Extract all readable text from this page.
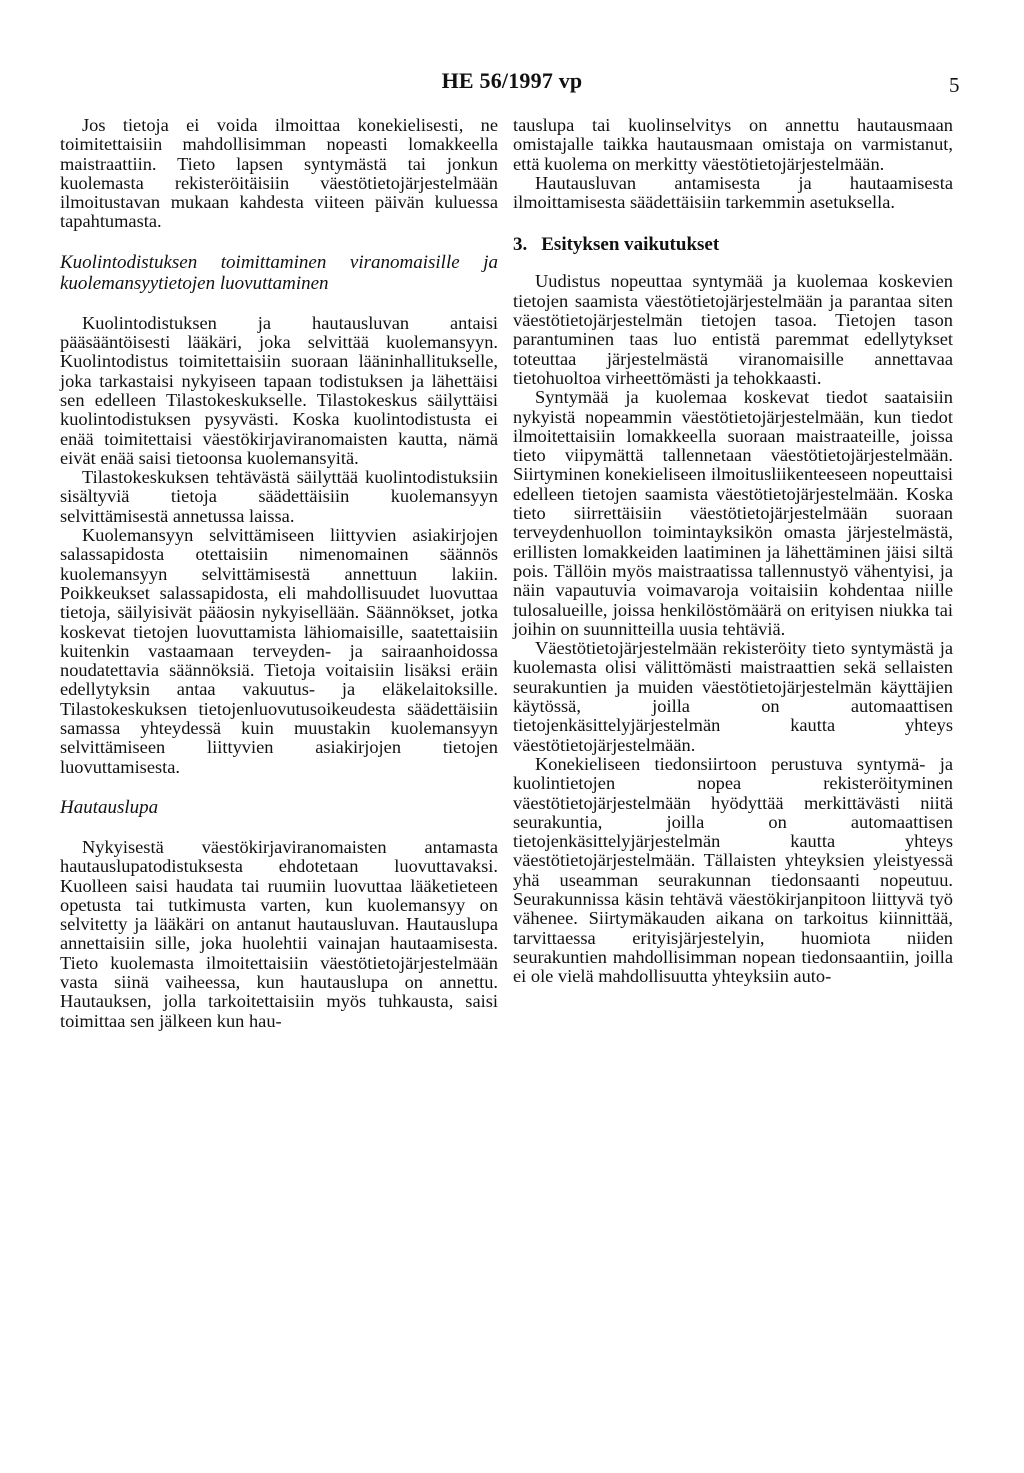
HE 56/1997 vp	5

Jos tietoja ei voida ilmoittaa konekielisesti, ne toimitettaisiin mahdollisimman nopeasti lomakkeella maistraattiin. Tieto lapsen syntymästä tai jonkun kuolemasta rekisteröitäisiin väestötietojärjestelmään ilmoitustavan mukaan kahdesta viiteen päivän kuluessa tapahtumasta.

Kuolintodistuksen toimittaminen viranomaisille ja kuolemansyytietojen luovuttaminen

Kuolintodistuksen ja hautausluvan antaisi pääsääntöisesti lääkäri, joka selvittää kuolemansyyn. Kuolintodistus toimitettaisiin suoraan lääninhallitukselle, joka tarkastaisi nykyiseen tapaan todistuksen ja lähettäisi sen edelleen Tilastokeskukselle. Tilastokeskus säilyttäisi kuolintodistuksen pysyvästi. Koska kuolintodistusta ei enää toimitettaisi väestökirjaviranomaisten kautta, nämä eivät enää saisi tietoonsa kuolemansyitä.

Tilastokeskuksen tehtävästä säilyttää kuolintodistuksiin sisältyviä tietoja säädettäisiin kuolemansyyn selvittämisestä annetussa laissa.

Kuolemansyyn selvittämiseen liittyvien asiakirjojen salassapidosta otettaisiin nimenomainen säännös kuolemansyyn selvittämisestä annettuun lakiin. Poikkeukset salassapidosta, eli mahdollisuudet luovuttaa tietoja, säilyisivät pääosin nykyisellään. Säännökset, jotka koskevat tietojen luovuttamista lähiomaisille, saatettaisiin kuitenkin vastaamaan terveyden- ja sairaanhoidossa noudatettavia säännöksiä. Tietoja voitaisiin lisäksi eräin edellytyksin antaa vakuutus- ja eläkelaitoksille. Tilastokeskuksen tietojenluovutusoikeudesta säädettäisiin samassa yhteydessä kuin muustakin kuolemansyyn selvittämiseen liittyvien asiakirjojen tietojen luovuttamisesta.

Hautauslupa

Nykyisestä väestökirjaviranomaisten antamasta hautauslupatodistuksesta ehdotetaan luovuttavaksi. Kuolleen saisi haudata tai ruumiin luovuttaa lääketieteen opetusta tai tutkimusta varten, kun kuolemansyy on selvitetty ja lääkäri on antanut hautausluvan. Hautauslupa annettaisiin sille, joka huolehtii vainajan hautaamisesta. Tieto kuolemasta ilmoitettaisiin väestötietojärjestelmään vasta siinä vaiheessa, kun hautauslupa on annettu. Hautauksen, jolla tarkoitettaisiin myös tuhkausta, saisi toimittaa sen jälkeen kun hau-

tauslupa tai kuolinselvitys on annettu hautausmaan omistajalle taikka hautausmaan omistaja on varmistanut, että kuolema on merkitty väestötietojärjestelmään.

Hautausluvan antamisesta ja hautaamisesta ilmoittamisesta säädettäisiin tarkemmin asetuksella.

3. Esityksen vaikutukset

Uudistus nopeuttaa syntymää ja kuolemaa koskevien tietojen saamista väestötietojärjestelmään ja parantaa siten väestötietojärjestelmän tietojen tasoa. Tietojen tason parantuminen taas luo entistä paremmat edellytykset toteuttaa järjestelmästä viranomaisille annettavaa tietohuoltoa virheettömästi ja tehokkaasti.

Syntymää ja kuolemaa koskevat tiedot saataisiin nykyistä nopeammin väestötietojärjestelmään, kun tiedot ilmoitettaisiin lomakkeella suoraan maistraateille, joissa tieto viipymättä tallennetaan väestötietojärjestelmään. Siirtyminen konekieliseen ilmoitusliikenteeseen nopeuttaisi edelleen tietojen saamista väestötietojärjestelmään. Koska tieto siirrettäisiin väestötietojärjestelmään suoraan terveydenhuollon toimintayksikön omasta järjestelmästä, erillisten lomakkeiden laatiminen ja lähettäminen jäisi siltä pois. Tällöin myös maistraatissa tallennustyö vähentyisi, ja näin vapautuvia voimavaroja voitaisiin kohdentaa niille tulosalueille, joissa henkilöstömäärä on erityisen niukka tai joihin on suunnitteilla uusia tehtäviä.

Väestötietojärjestelmään rekisteröity tieto syntymästä ja kuolemasta olisi välittömästi maistraattien sekä sellaisten seurakuntien ja muiden väestötietojärjestelmän käyttäjien käytössä, joilla on automaattisen tietojenkäsittelyjärjestelmän kautta yhteys väestötietojärjestelmään.

Konekieliseen tiedonsiirtoon perustuva syntymä- ja kuolintietojen nopea rekisteröityminen väestötietojärjestelmään hyödyttää merkittävästi niitä seurakuntia, joilla on automaattisen tietojenkäsittelyjärjestelmän kautta yhteys väestötietojärjestelmään. Tällaisten yhteyksien yleistyessä yhä useamman seurakunnan tiedonsaanti nopeutuu. Seurakunnissa käsin tehtävä väestökirjanpitoon liittyvä työ vähenee. Siirtymäkauden aikana on tarkoitus kiinnittää, tarvittaessa erityisjärjestelyin, huomiota niiden seurakuntien mahdollisimman nopean tiedonsaantiin, joilla ei ole vielä mahdollisuutta yhteyksiin auto-
